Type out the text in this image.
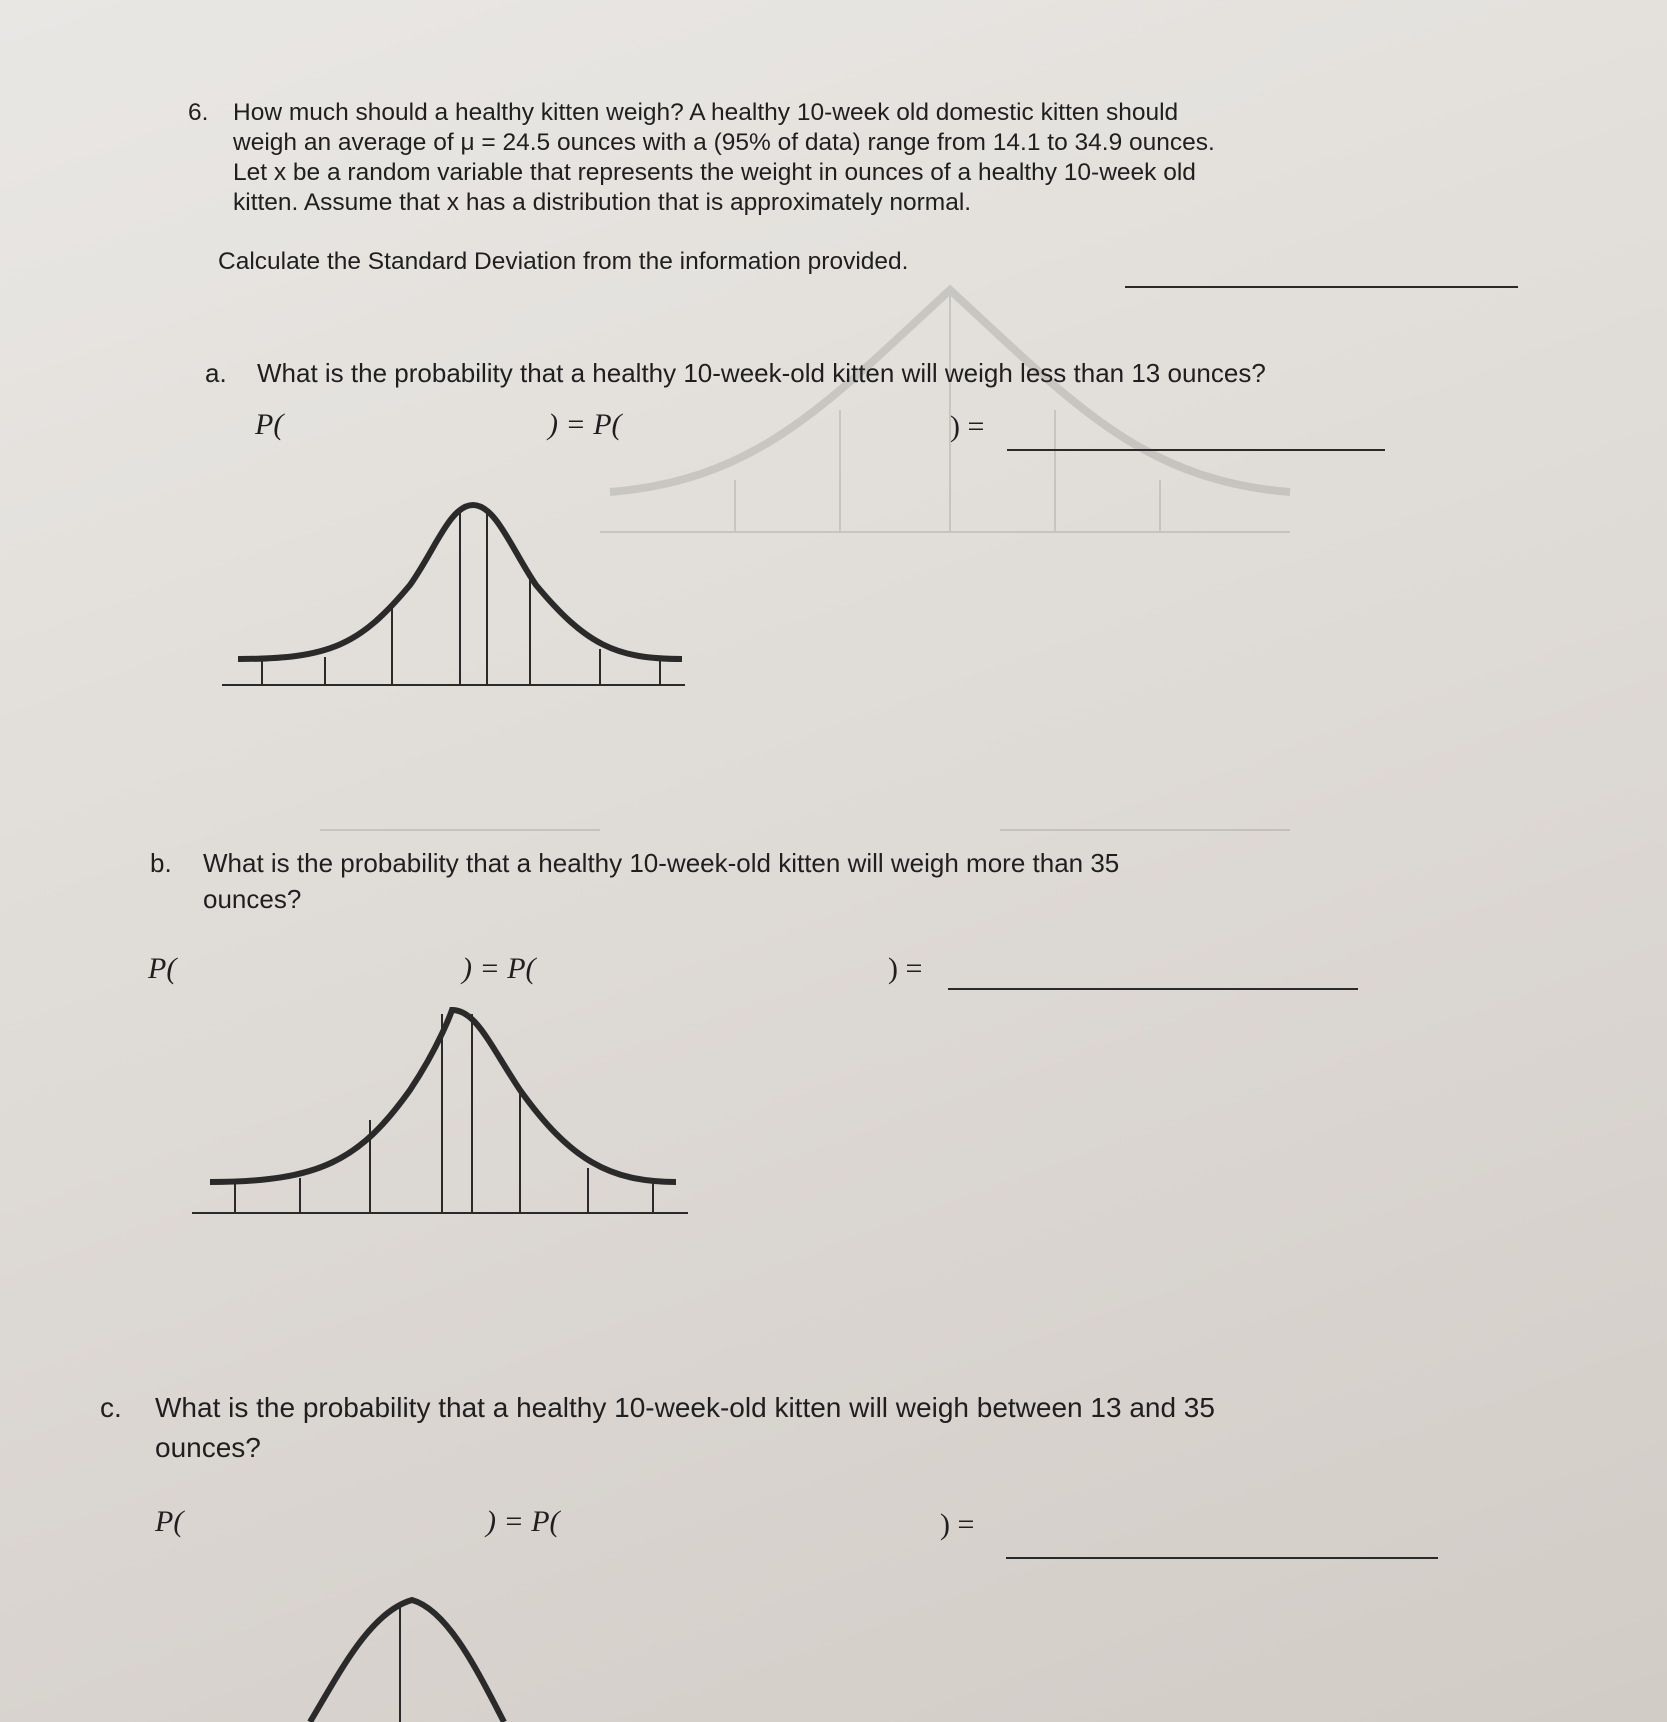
6. How much should a healthy kitten weigh? A healthy 10-week old domestic kitten should

weigh an average of μ = 24.5 ounces with a (95% of data) range from 14.1 to 34.9 ounces.

Let x be a random variable that represents the weight in ounces of a healthy 10-week old

kitten. Assume that x has a distribution that is approximately normal.

Calculate the Standard Deviation from the information provided.
a. What is the probability that a healthy 10-week-old kitten will weigh less than 13 ounces?

P(	) = P(	) =
b. What is the probability that a healthy 10-week-old kitten will weigh more than 35

ounces?

P(	) = P(	) =
c. What is the probability that a healthy 10-week-old kitten will weigh between 13 and 35

ounces?

P(	) = P(	) =
